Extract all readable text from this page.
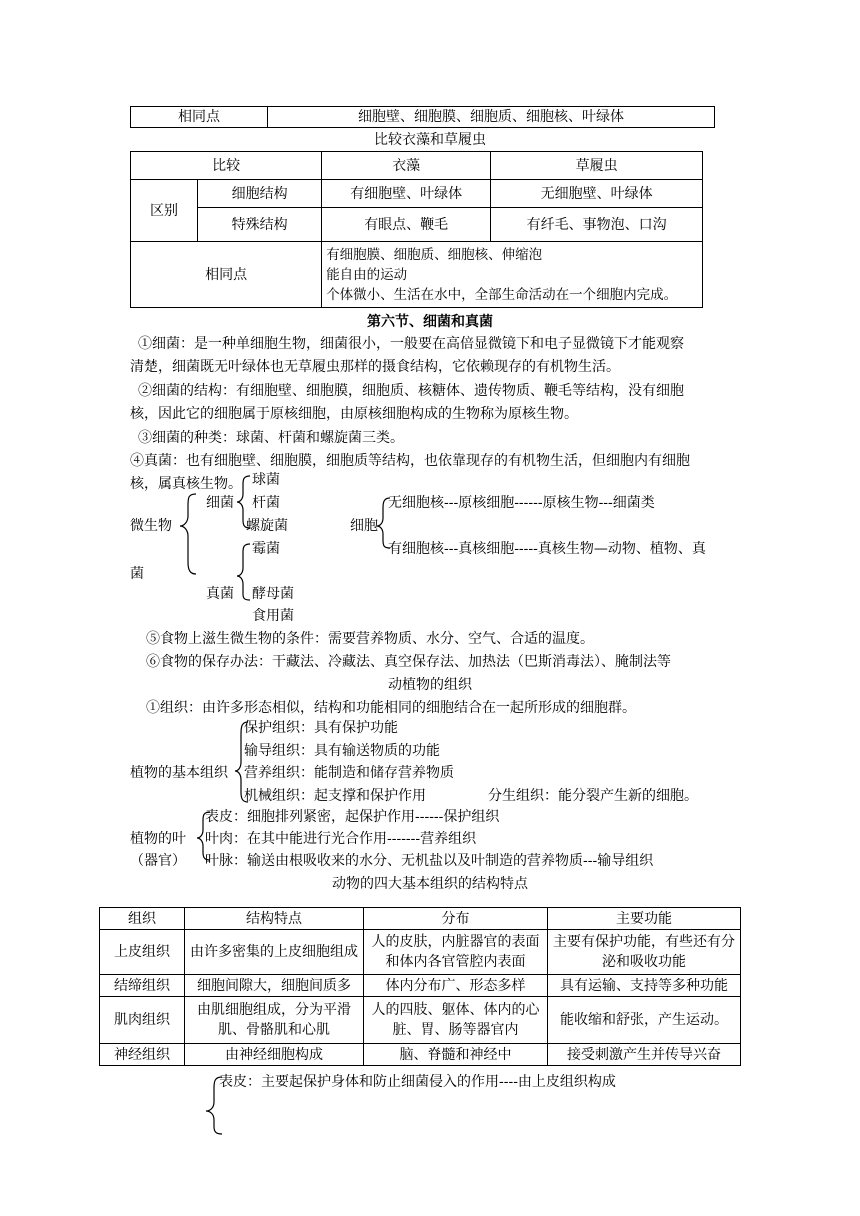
相同点	细胞壁、细胞膜、细胞质、细胞核、叶绿体
比较衣藻和草履虫
比较		衣藻	草履虫
区别	细胞结构	有细胞壁、叶绿体	无细胞壁、叶绿体
	特殊结构	有眼点、鞭毛	有纤毛、事物泡、口沟
相同点		有细胞膜、细胞质、细胞核、伸缩泡
能自由的运动
个体微小、生活在水中，全部生命活动在一个细胞内完成。	
第六节、细菌和真菌
①细菌：是一种单细胞生物，细菌很小，一般要在高倍显微镜下和电子显微镜下才能观察
清楚，细菌既无叶绿体也无草履虫那样的摄食结构，它依赖现存的有机物生活。
②细菌的结构：有细胞壁、细胞膜，细胞质、核糖体、遗传物质、鞭毛等结构，没有细胞
核，因此它的细胞属于原核细胞，由原核细胞构成的生物称为原核生物。
③细菌的种类：球菌、杆菌和螺旋菌三类。
④真菌：也有细胞壁、细胞膜，细胞质等结构，也依靠现存的有机物生活，但细胞内有细胞
核，属真核生物。
微生物
菌
细菌
真菌
球菌
杆菌
螺旋菌
霉菌
酵母菌
食用菌
细胞
无细胞核---原核细胞------原核生物---细菌类
有细胞核---真核细胞-----真核生物—动物、植物、真
⑤食物上滋生微生物的条件：需要营养物质、水分、空气、合适的温度。
⑥食物的保存办法：干藏法、冷藏法、真空保存法、加热法（巴斯消毒法）、腌制法等
动植物的组织
①组织：由许多形态相似，结构和功能相同的细胞结合在一起所形成的细胞群。
植物的基本组织
保护组织：具有保护功能
输导组织：具有输送物质的功能
营养组织：能制造和储存营养物质
机械组织：起支撑和保护作用	分生组织：能分裂产生新的细胞。
植物的叶
（器官）
表皮：细胞排列紧密，起保护作用------保护组织
叶肉：在其中能进行光合作用-------营养组织
叶脉：输送由根吸收来的水分、无机盐以及叶制造的营养物质---输导组织
动物的四大基本组织的结构特点
组织	结构特点	分布	主要功能
上皮组织	由许多密集的上皮细胞组成	人的皮肤，内脏器官的表面和体内各官管腔内表面	主要有保护功能，有些还有分泌和吸收功能
结缔组织	细胞间隙大，细胞间质多	体内分布广、形态多样	具有运输、支持等多种功能
肌肉组织	由肌细胞组成，分为平滑肌、骨骼肌和心肌	人的四肢、躯体、体内的心脏、胃、肠等器官内	能收缩和舒张，产生运动。
神经组织	由神经细胞构成	脑、脊髓和神经中	接受刺激产生并传导兴奋
表皮：主要起保护身体和防止细菌侵入的作用----由上皮组织构成
